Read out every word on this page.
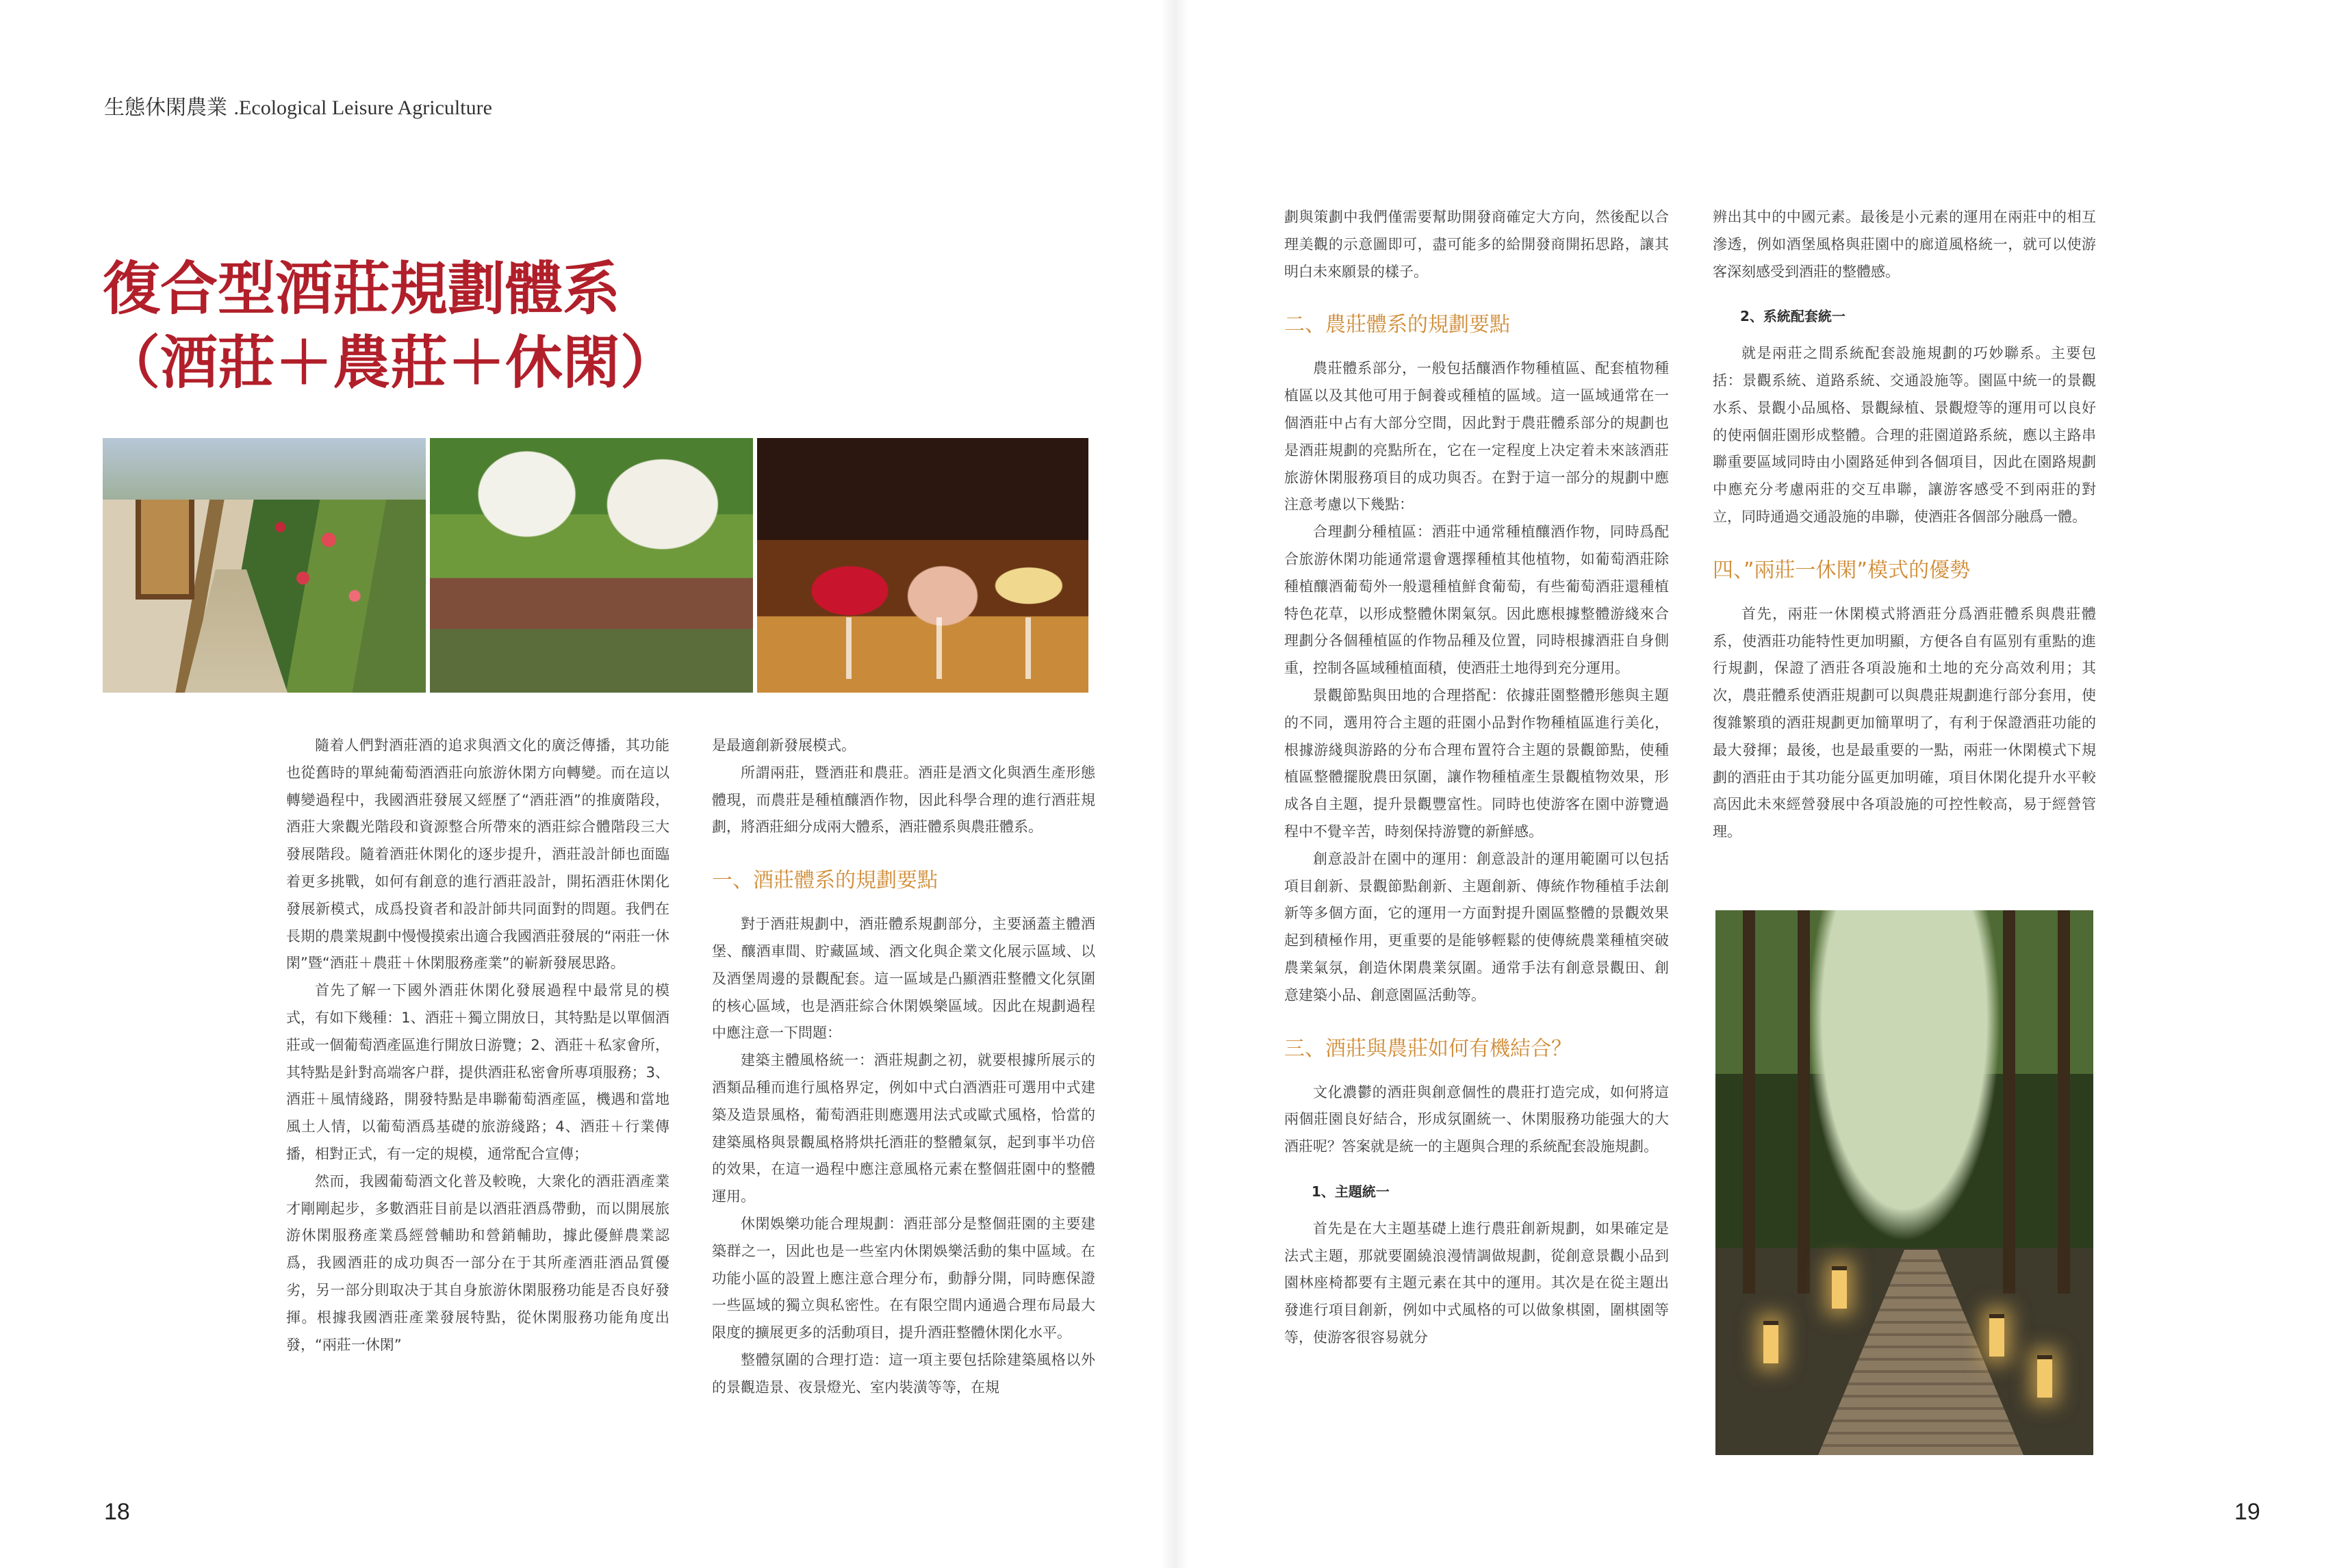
生態休閑農業 .Ecological Leisure Agriculture
復合型酒莊規劃體系
（酒莊＋農莊＋休閑）

隨着人們對酒莊酒的追求與酒文化的廣泛傳播，其功能也從舊時的單純葡萄酒酒莊向旅游休閑方向轉變。而在這以轉變過程中，我國酒莊發展又經歷了“酒莊酒”的推廣階段，酒莊大衆觀光階段和資源整合所帶來的酒莊綜合體階段三大發展階段。隨着酒莊休閑化的逐步提升，酒莊設計師也面臨着更多挑戰，如何有創意的進行酒莊設計，開拓酒莊休閑化發展新模式，成爲投資者和設計師共同面對的問題。我們在長期的農業規劃中慢慢摸索出適合我國酒莊發展的“兩莊一休閑”暨“酒莊＋農莊＋休閑服務產業”的嶄新發展思路。

首先了解一下國外酒莊休閑化發展過程中最常見的模式，有如下幾種：1、酒莊＋獨立開放日，其特點是以單個酒莊或一個葡萄酒產區進行開放日游覽；2、酒莊＋私家會所，其特點是針對高端客户群，提供酒莊私密會所專項服務；3、酒莊＋風情綫路，開發特點是串聯葡萄酒產區，機遇和當地風土人情，以葡萄酒爲基礎的旅游綫路；4、酒莊＋行業傳播，相對正式，有一定的規模，通常配合宣傳；

然而，我國葡萄酒文化普及較晚，大衆化的酒莊酒產業才剛剛起步，多數酒莊目前是以酒莊酒爲帶動，而以開展旅游休閑服務產業爲經營輔助和營銷輔助，據此優鮮農業認爲，我國酒莊的成功與否一部分在于其所產酒莊酒品質優劣，另一部分則取决于其自身旅游休閑服務功能是否良好發揮。根據我國酒莊產業發展特點，從休閑服務功能角度出發，“兩莊一休閑”

是最適創新發展模式。

所謂兩莊，暨酒莊和農莊。酒莊是酒文化與酒生產形態體現，而農莊是種植釀酒作物，因此科學合理的進行酒莊規劃，將酒莊細分成兩大體系，酒莊體系與農莊體系。

一、酒莊體系的規劃要點

對于酒莊規劃中，酒莊體系規劃部分，主要涵蓋主體酒堡、釀酒車間、貯藏區域、酒文化與企業文化展示區域、以及酒堡周邊的景觀配套。這一區域是凸顯酒莊整體文化氛圍的核心區域，也是酒莊綜合休閑娛樂區域。因此在規劃過程中應注意一下問題：

建築主體風格統一：酒莊規劃之初，就要根據所展示的酒類品種而進行風格界定，例如中式白酒酒莊可選用中式建築及造景風格，葡萄酒莊則應選用法式或歐式風格，恰當的建築風格與景觀風格將烘托酒莊的整體氣氛，起到事半功倍的效果，在這一過程中應注意風格元素在整個莊園中的整體運用。

休閑娛樂功能合理規劃：酒莊部分是整個莊園的主要建築群之一，因此也是一些室内休閑娛樂活動的集中區域。在功能小區的設置上應注意合理分布，動靜分開，同時應保證一些區域的獨立與私密性。在有限空間内通過合理布局最大限度的擴展更多的活動項目，提升酒莊整體休閑化水平。

整體氛圍的合理打造：這一項主要包括除建築風格以外的景觀造景、夜景燈光、室内裝潢等等，在規

劃與策劃中我們僅需要幫助開發商確定大方向，然後配以合理美觀的示意圖即可，盡可能多的給開發商開拓思路，讓其明白未來願景的樣子。

二、農莊體系的規劃要點

農莊體系部分，一般包括釀酒作物種植區、配套植物種植區以及其他可用于飼養或種植的區域。這一區域通常在一個酒莊中占有大部分空間，因此對于農莊體系部分的規劃也是酒莊規劃的亮點所在，它在一定程度上决定着未來該酒莊旅游休閑服務項目的成功與否。在對于這一部分的規劃中應注意考慮以下幾點：

合理劃分種植區：酒莊中通常種植釀酒作物，同時爲配合旅游休閑功能通常還會選擇種植其他植物，如葡萄酒莊除種植釀酒葡萄外一般還種植鮮食葡萄，有些葡萄酒莊還種植特色花草，以形成整體休閑氣氛。因此應根據整體游綫來合理劃分各個種植區的作物品種及位置，同時根據酒莊自身側重，控制各區域種植面積，使酒莊土地得到充分運用。

景觀節點與田地的合理搭配：依據莊園整體形態與主題的不同，選用符合主題的莊園小品對作物種植區進行美化，根據游綫與游路的分布合理布置符合主題的景觀節點，使種植區整體擺脫農田氛圍，讓作物種植產生景觀植物效果，形成各自主題，提升景觀豐富性。同時也使游客在園中游覽過程中不覺辛苦，時刻保持游覽的新鮮感。

創意設計在園中的運用：創意設計的運用範圍可以包括項目創新、景觀節點創新、主題創新、傳統作物種植手法創新等多個方面，它的運用一方面對提升園區整體的景觀效果起到積極作用，更重要的是能够輕鬆的使傳統農業種植突破農業氣氛，創造休閑農業氛圍。通常手法有創意景觀田、創意建築小品、創意園區活動等。

三、酒莊與農莊如何有機結合？

文化濃鬱的酒莊與創意個性的農莊打造完成，如何將這兩個莊園良好結合，形成氛圍統一、休閑服務功能强大的大酒莊呢？答案就是統一的主題與合理的系統配套設施規劃。

1、主題統一

首先是在大主題基礎上進行農莊創新規劃，如果確定是法式主題，那就要圍繞浪漫情調做規劃，從創意景觀小品到園林座椅都要有主題元素在其中的運用。其次是在從主題出發進行項目創新，例如中式風格的可以做象棋園，圍棋園等等，使游客很容易就分

辨出其中的中國元素。最後是小元素的運用在兩莊中的相互滲透，例如酒堡風格與莊園中的廊道風格統一，就可以使游客深刻感受到酒莊的整體感。

2、系統配套統一

就是兩莊之間系統配套設施規劃的巧妙聯系。主要包括：景觀系統、道路系統、交通設施等。園區中統一的景觀水系、景觀小品風格、景觀緑植、景觀燈等的運用可以良好的使兩個莊園形成整體。合理的莊園道路系統，應以主路串聯重要區域同時由小園路延伸到各個項目，因此在園路規劃中應充分考慮兩莊的交互串聯，讓游客感受不到兩莊的對立，同時通過交通設施的串聯，使酒莊各個部分融爲一體。

四、”兩莊一休閑”模式的優勢

首先，兩莊一休閑模式將酒莊分爲酒莊體系與農莊體系，使酒莊功能特性更加明顯，方便各自有區别有重點的進行規劃，保證了酒莊各項設施和土地的充分高效利用；其次，農莊體系使酒莊規劃可以與農莊規劃進行部分套用，使復雜繁瑣的酒莊規劃更加簡單明了，有利于保證酒莊功能的最大發揮；最後，也是最重要的一點，兩莊一休閑模式下規劃的酒莊由于其功能分區更加明確，項目休閑化提升水平較高因此未來經營發展中各項設施的可控性較高，易于經營管理。

18	19
